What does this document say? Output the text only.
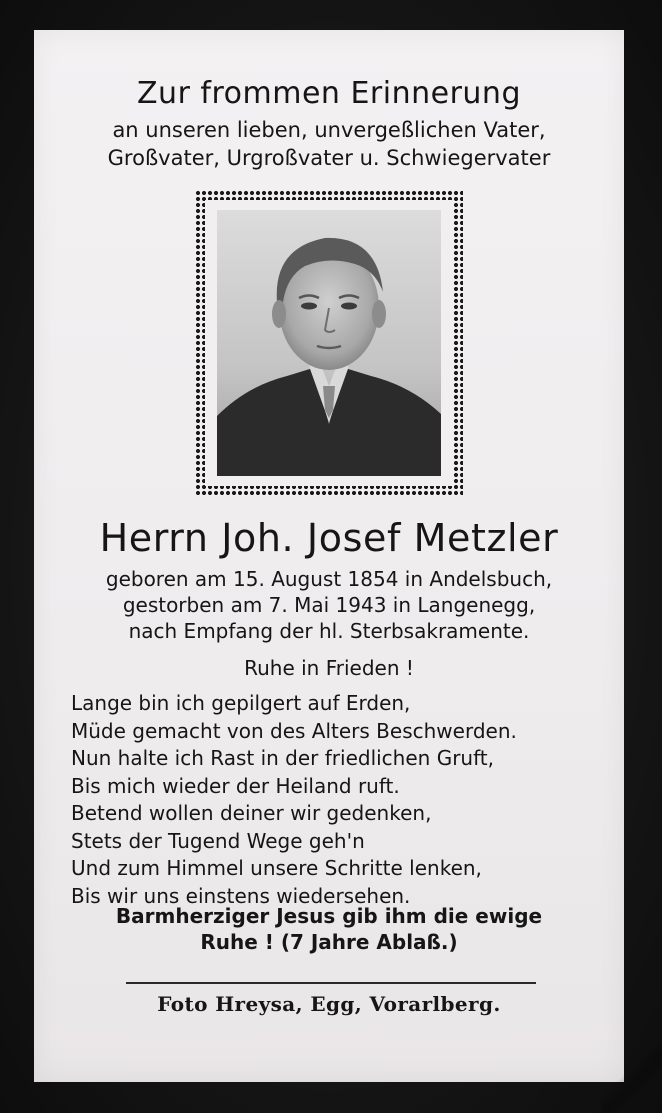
Zur frommen Erinnerung
an unseren lieben, unvergeßlichen Vater,
Großvater, Urgroßvater u. Schwiegervater
Herrn Joh. Josef Metzler
geboren am 15. August 1854 in Andelsbuch,
gestorben am 7. Mai 1943 in Langenegg,
nach Empfang der hl. Sterbsakramente.
Ruhe in Frieden !
Lange bin ich gepilgert auf Erden,
Müde gemacht von des Alters Beschwerden.
Nun halte ich Rast in der friedlichen Gruft,
Bis mich wieder der Heiland ruft.
Betend wollen deiner wir gedenken,
Stets der Tugend Wege geh'n
Und zum Himmel unsere Schritte lenken,
Bis wir uns einstens wiedersehen.
Barmherziger Jesus gib ihm die ewige
Ruhe ! (7 Jahre Ablaß.)
Foto Hreysa, Egg, Vorarlberg.
